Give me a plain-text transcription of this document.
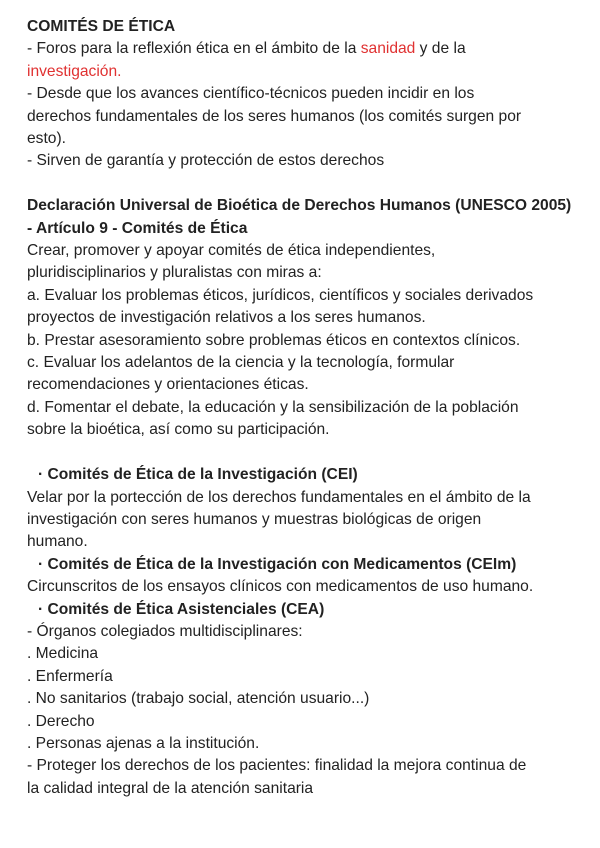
COMITÉS DE ÉTICA

- Foros para la reflexión ética en el ámbito de la sanidad y de la

investigación.

- Desde que los avances científico-técnicos pueden incidir en los

derechos fundamentales de los seres humanos (los comités surgen por

esto).

- Sirven de garantía y protección de estos derechos

Declaración Universal de Bioética de Derechos Humanos (UNESCO 2005)

- Artículo 9 - Comités de Ética

Crear, promover y apoyar comités de ética independientes,

pluridisciplinarios y pluralistas con miras a:

a. Evaluar los problemas éticos, jurídicos, científicos y sociales derivados

proyectos de investigación relativos a los seres humanos.

b. Prestar asesoramiento sobre problemas éticos en contextos clínicos.

c. Evaluar los adelantos de la ciencia y la tecnología, formular

recomendaciones y orientaciones éticas.

d. Fomentar el debate, la educación y la sensibilización de la población

sobre la bioética, así como su participación.

· Comités de Ética de la Investigación (CEI)

Velar por la portección de los derechos fundamentales en el ámbito de la

investigación con seres humanos y muestras biológicas de origen

humano.

· Comités de Ética de la Investigación con Medicamentos (CEIm)

Circunscritos de los ensayos clínicos con medicamentos de uso humano.

· Comités de Ética Asistenciales (CEA)

- Órganos colegiados multidisciplinares:

. Medicina

. Enfermería

. No sanitarios (trabajo social, atención usuario...)

. Derecho

. Personas ajenas a la institución.

- Proteger los derechos de los pacientes: finalidad la mejora continua de

la calidad integral de la atención sanitaria
